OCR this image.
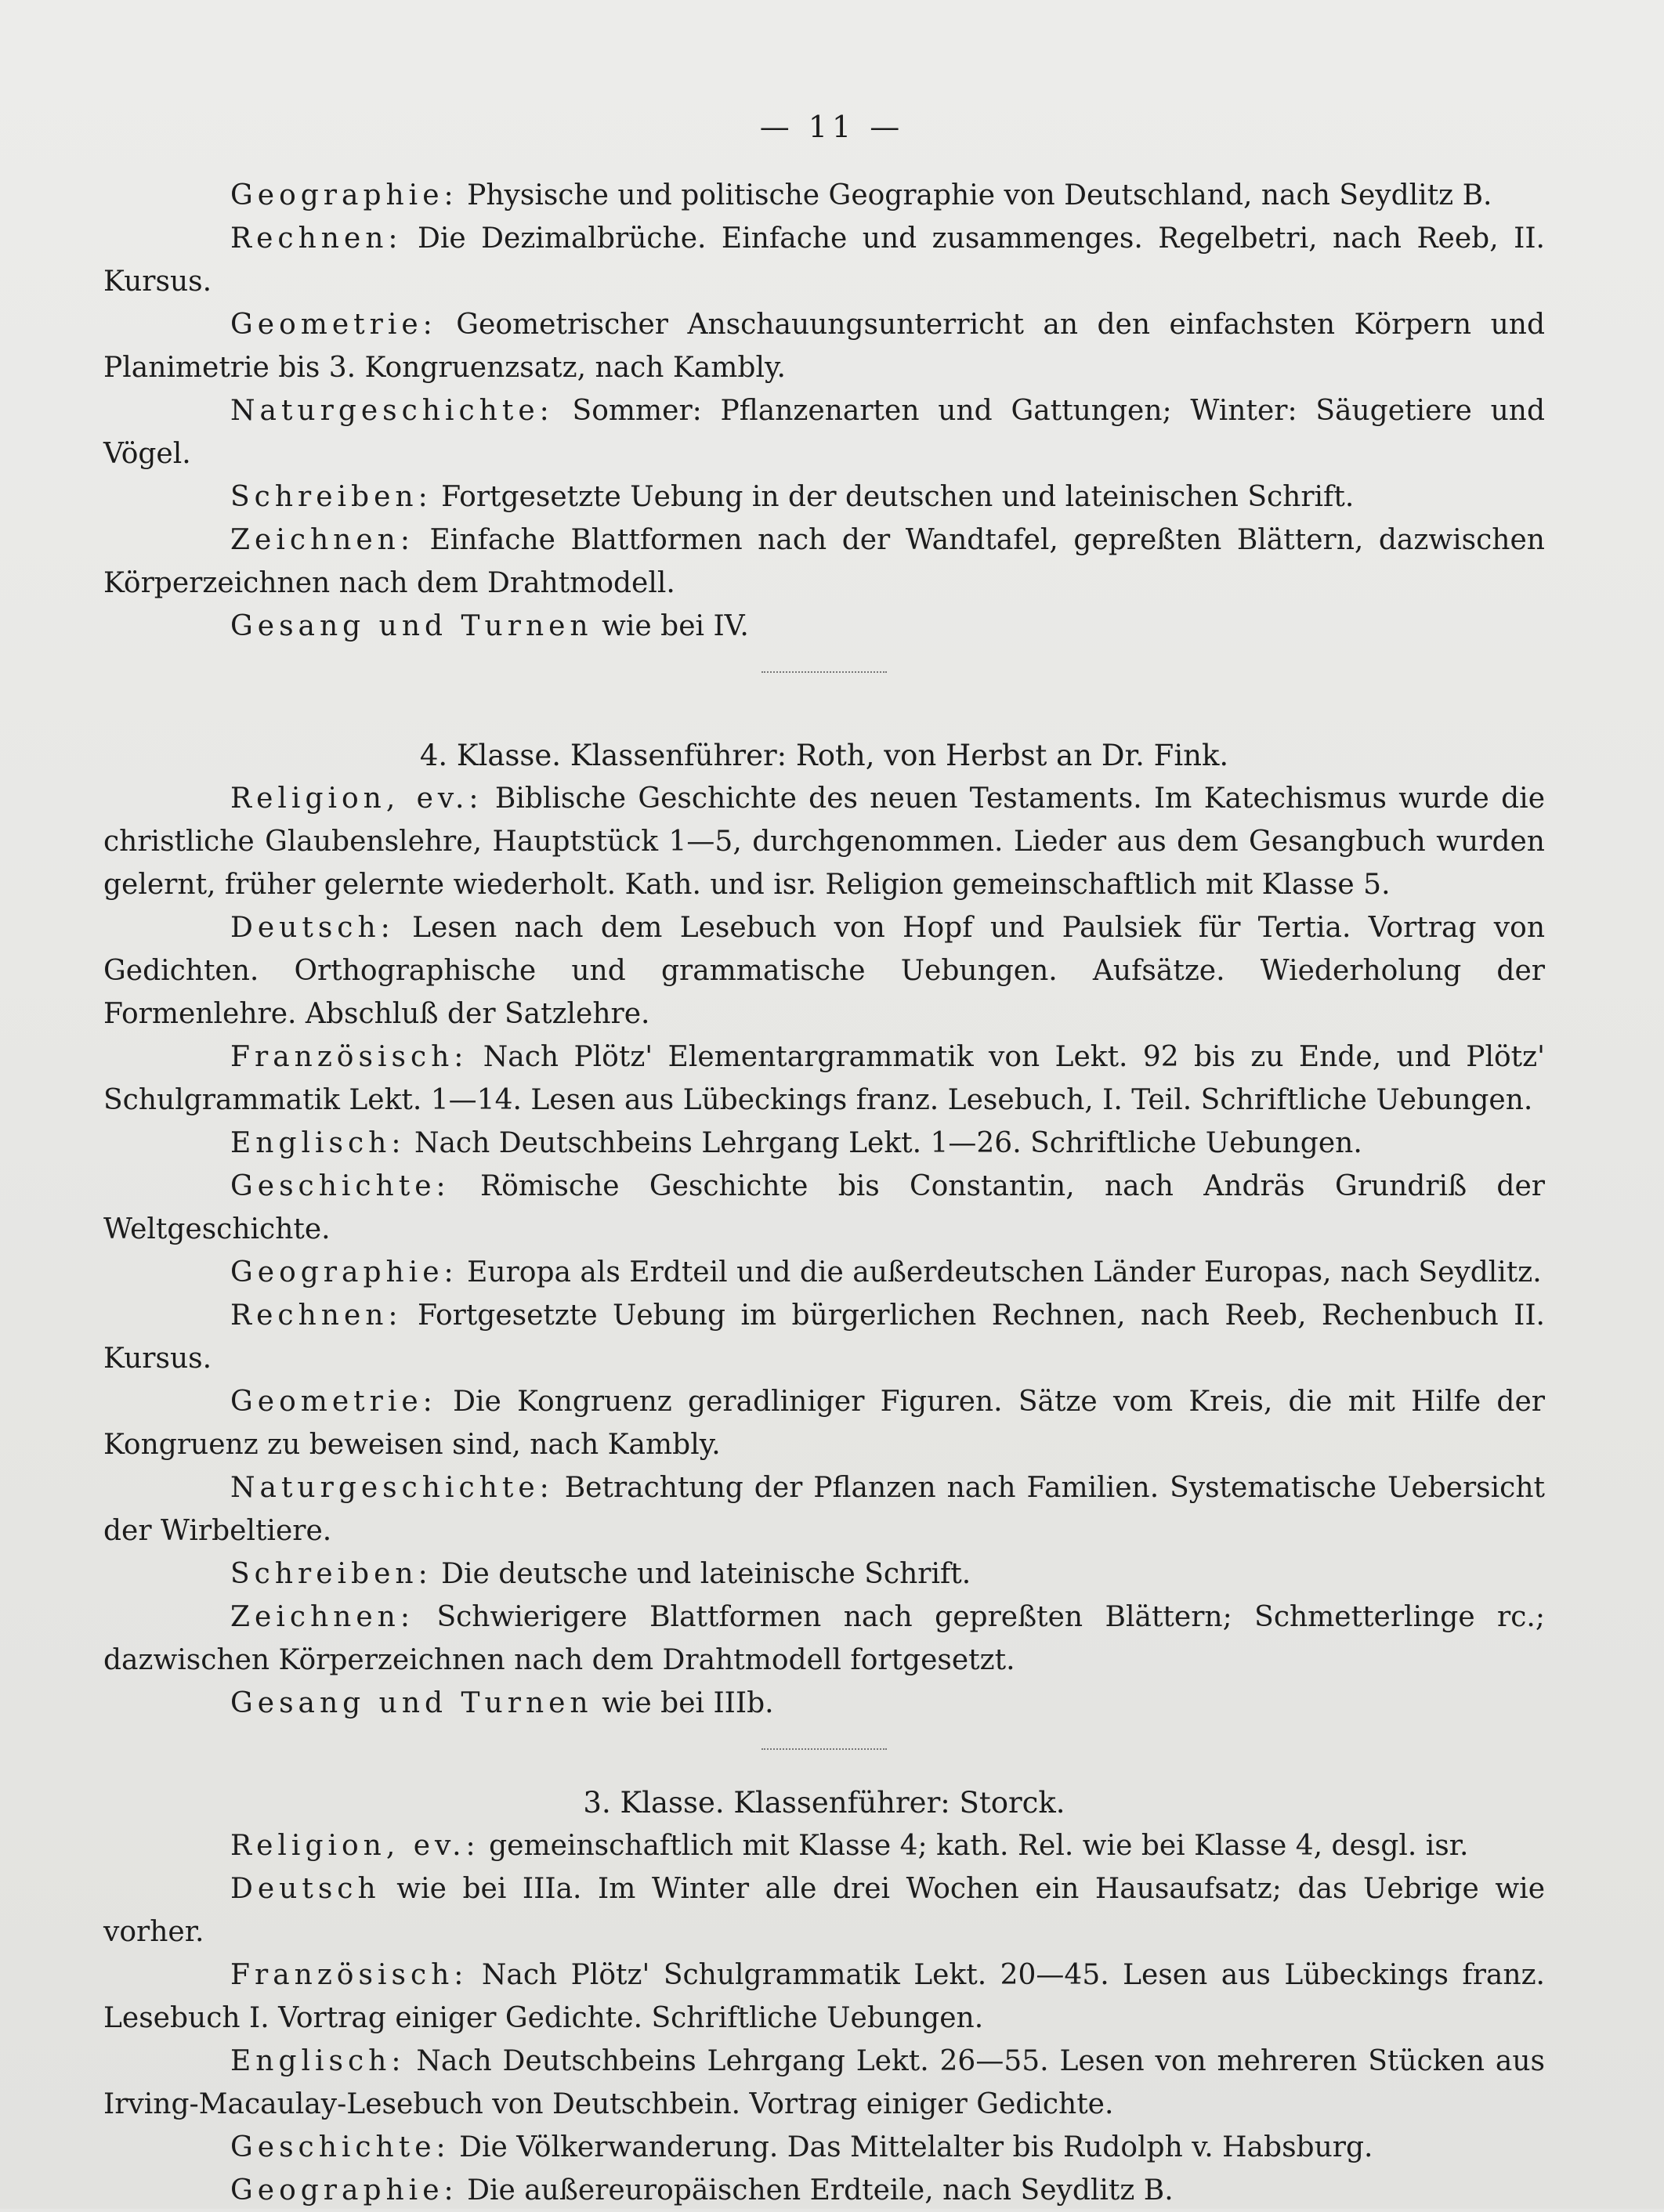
— 11 —

Geographie: Physische und politische Geographie von Deutschland, nach Seydlitz B.

Rechnen: Die Dezimalbrüche. Einfache und zusammenges. Regelbetri, nach Reeb, II. Kursus.

Geometrie: Geometrischer Anschauungsunterricht an den einfachsten Körpern und Planimetrie bis 3. Kongruenzsatz, nach Kambly.

Naturgeschichte: Sommer: Pflanzenarten und Gattungen; Winter: Säugetiere und Vögel.

Schreiben: Fortgesetzte Uebung in der deutschen und lateinischen Schrift.

Zeichnen: Einfache Blattformen nach der Wandtafel, gepreßten Blättern, dazwischen Körperzeichnen nach dem Drahtmodell.

Gesang und Turnen wie bei IV.

4. Klasse. Klassenführer: Roth, von Herbst an Dr. Fink.

Religion, ev.: Biblische Geschichte des neuen Testaments. Im Katechismus wurde die christliche Glaubenslehre, Hauptstück 1—5, durchgenommen. Lieder aus dem Gesangbuch wurden gelernt, früher gelernte wiederholt. Kath. und isr. Religion gemeinschaftlich mit Klasse 5.

Deutsch: Lesen nach dem Lesebuch von Hopf und Paulsiek für Tertia. Vortrag von Gedichten. Orthographische und grammatische Uebungen. Aufsätze. Wiederholung der Formenlehre. Abschluß der Satzlehre.

Französisch: Nach Plötz' Elementargrammatik von Lekt. 92 bis zu Ende, und Plötz' Schulgrammatik Lekt. 1—14. Lesen aus Lübeckings franz. Lesebuch, I. Teil. Schriftliche Uebungen.

Englisch: Nach Deutschbeins Lehrgang Lekt. 1—26. Schriftliche Uebungen.

Geschichte: Römische Geschichte bis Constantin, nach Andräs Grundriß der Weltgeschichte.

Geographie: Europa als Erdteil und die außerdeutschen Länder Europas, nach Seydlitz.

Rechnen: Fortgesetzte Uebung im bürgerlichen Rechnen, nach Reeb, Rechenbuch II. Kursus.

Geometrie: Die Kongruenz geradliniger Figuren. Sätze vom Kreis, die mit Hilfe der Kongruenz zu beweisen sind, nach Kambly.

Naturgeschichte: Betrachtung der Pflanzen nach Familien. Systematische Uebersicht der Wirbeltiere.

Schreiben: Die deutsche und lateinische Schrift.

Zeichnen: Schwierigere Blattformen nach gepreßten Blättern; Schmetterlinge rc.; dazwischen Körperzeichnen nach dem Drahtmodell fortgesetzt.

Gesang und Turnen wie bei IIIb.

3. Klasse. Klassenführer: Storck.

Religion, ev.: gemeinschaftlich mit Klasse 4; kath. Rel. wie bei Klasse 4, desgl. isr.

Deutsch wie bei IIIa. Im Winter alle drei Wochen ein Hausaufsatz; das Uebrige wie vorher.

Französisch: Nach Plötz' Schulgrammatik Lekt. 20—45. Lesen aus Lübeckings franz. Lesebuch I. Vortrag einiger Gedichte. Schriftliche Uebungen.

Englisch: Nach Deutschbeins Lehrgang Lekt. 26—55. Lesen von mehreren Stücken aus Irving-Macaulay-Lesebuch von Deutschbein. Vortrag einiger Gedichte.

Geschichte: Die Völkerwanderung. Das Mittelalter bis Rudolph v. Habsburg.

Geographie: Die außereuropäischen Erdteile, nach Seydlitz B.
